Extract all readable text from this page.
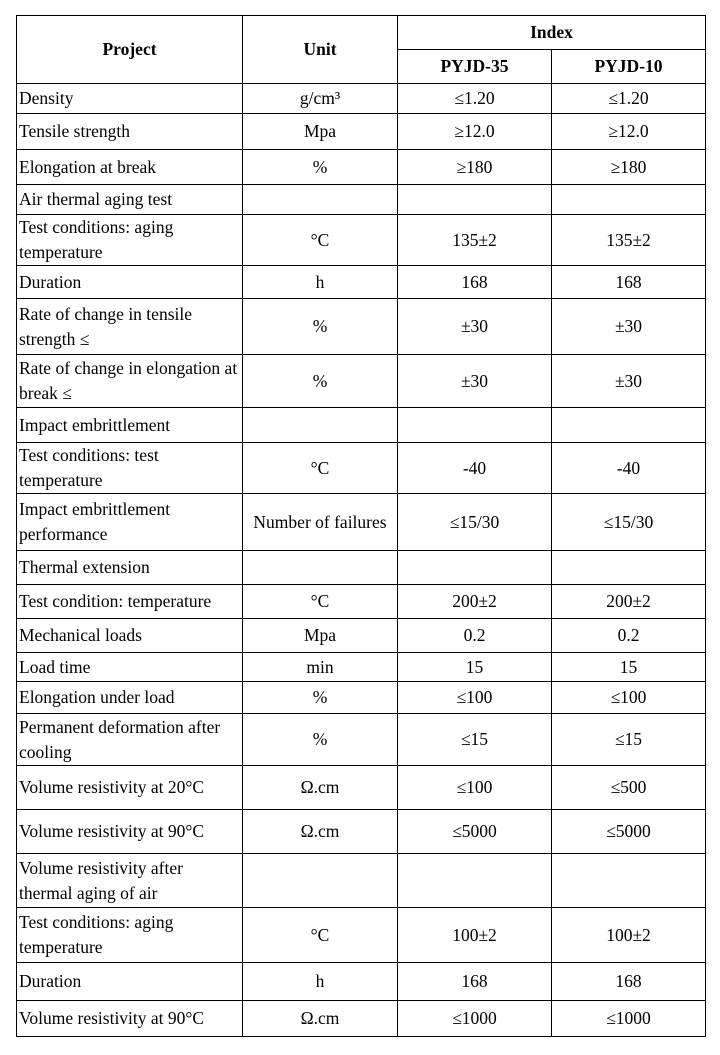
Project	Unit	Index	
		PYJD-35	PYJD-10
Density	g/cm³	≤1.20	≤1.20
Tensile strength	Mpa	≥12.0	≥12.0
Elongation at break	%	≥180	≥180
Air thermal aging test			
Test conditions: aging temperature	°C	135±2	135±2
Duration	h	168	168
Rate of change in tensile strength ≤	%	±30	±30
Rate of change in elongation at break ≤	%	±30	±30
Impact embrittlement			
Test conditions: test temperature	°C	-40	-40
Impact embrittlement performance	Number of failures	≤15/30	≤15/30
Thermal extension			
Test condition: temperature	°C	200±2	200±2
Mechanical loads	Mpa	0.2	0.2
Load time	min	15	15
Elongation under load	%	≤100	≤100
Permanent deformation after cooling	%	≤15	≤15
Volume resistivity at 20°C	Ω.cm	≤100	≤500
Volume resistivity at 90°C	Ω.cm	≤5000	≤5000
Volume resistivity after thermal aging of air			
Test conditions: aging temperature	°C	100±2	100±2
Duration	h	168	168
Volume resistivity at 90°C	Ω.cm	≤1000	≤1000
